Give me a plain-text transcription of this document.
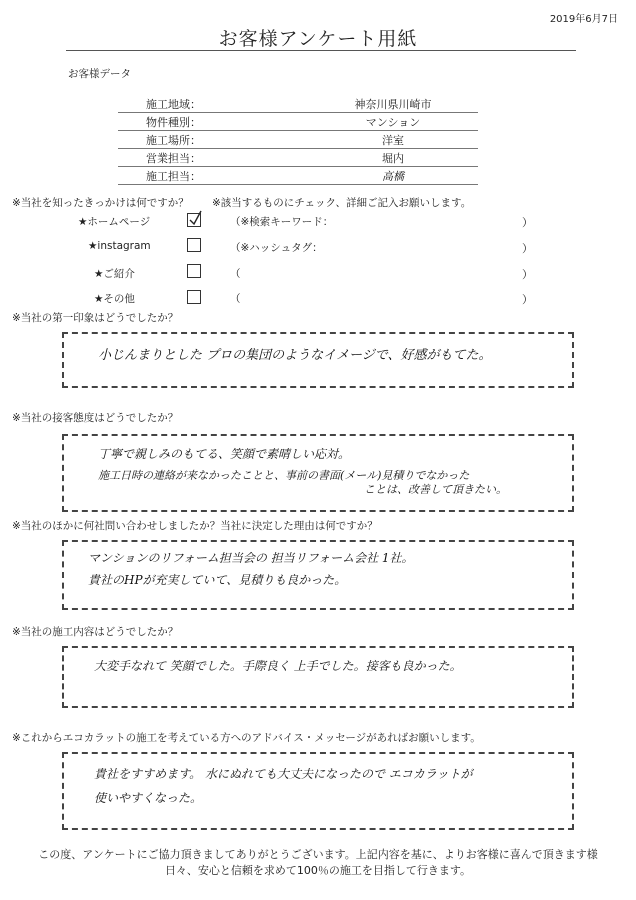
2019年6月7日
お客様アンケート用紙
お客様データ
施工地域：	神奈川県川崎市
物件種別：	マンション
施工場所：	洋室
営業担当：	堀内
施工担当：	高橋
※当社を知ったきっかけは何ですか？ ※該当するものにチェック、詳細ご記入お願いします。
★ホームページ	（※検索キーワード：	）
★instagram	（※ハッシュタグ：	）
★ご紹介	（	）
★その他	（	）
※当社の第一印象はどうでしたか？
小じんまりとした プロの集団のようなイメージで、好感がもてた。
※当社の接客態度はどうでしたか？
丁寧で親しみのもてる、笑顔で素晴しい応対。
施工日時の連絡が来なかったことと、事前の書面(メール)見積りでなかった
ことは、改善して頂きたい。
※当社のほかに何社問い合わせしましたか？当社に決定した理由は何ですか？
マンションのリフォーム担当会の 担当リフォーム会社 1社。
貴社のHPが充実していて、見積りも良かった。
※当社の施工内容はどうでしたか？
大変手なれて 笑顔でした。手際良く 上手でした。接客も良かった。
※これからエコカラットの施工を考えている方へのアドバイス・メッセージがあればお願いします。
貴社をすすめます。 水にぬれても大丈夫になったので エコカラットが
使いやすくなった。
この度、アンケートにご協力頂きましてありがとうございます。上記内容を基に、よりお客様に喜んで頂きます様
日々、安心と信頼を求めて100％の施工を目指して行きます。
